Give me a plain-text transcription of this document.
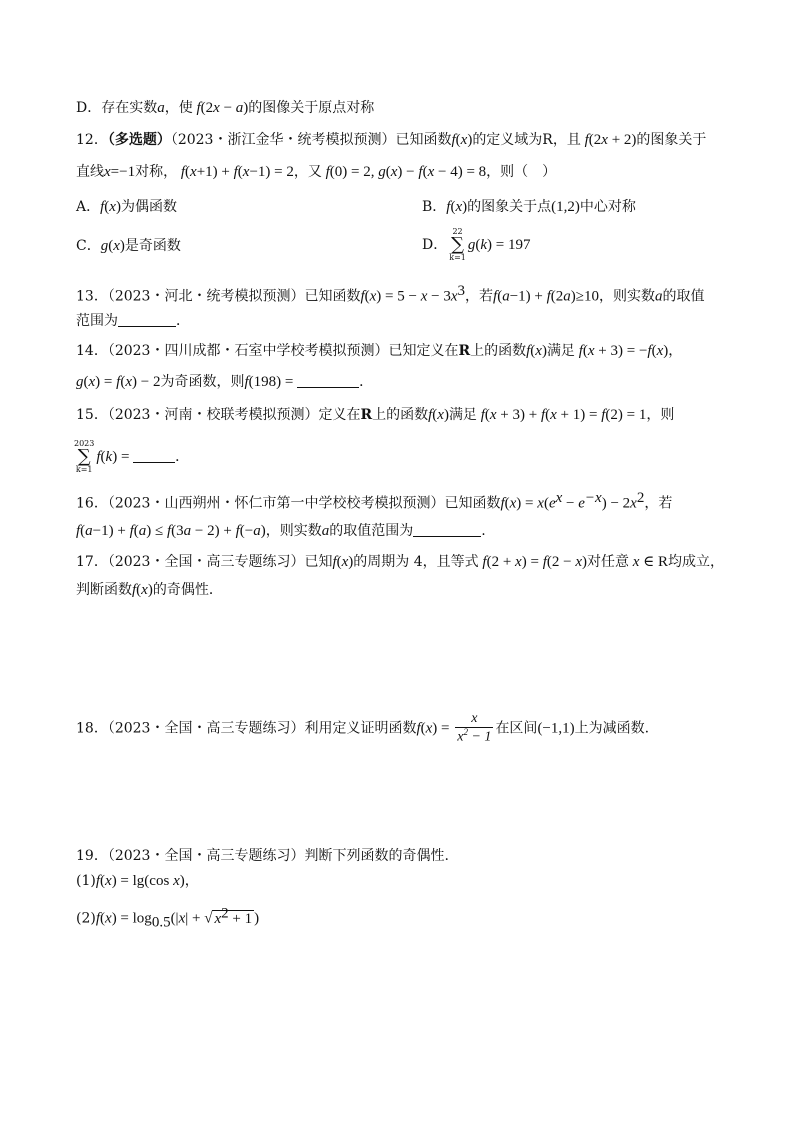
D．存在实数a，使 f(2x − a)的图像关于原点对称
12．（多选题）（2023・浙江金华・统考模拟预测）已知函数f(x)的定义域为R，且 f(2x + 2)的图象关于
直线x=−1对称， f(x+1) + f(x−1) = 2，又 f(0) = 2, g(x) − f(x − 4) = 8，则（　）
A．f(x)为偶函数	B．f(x)的图象关于点(1,2)中心对称
C．g(x)是奇函数	D．
22
∑
k=1
g(k) = 197
13．（2023・河北・统考模拟预测）已知函数$f(x) = 5 - x - 3x^3$，若f(a−1) + f(2a)≥10，则实数a的取值
范围为	．
14．（2023・四川成都・石室中学校考模拟预测）已知定义在R上的函数f(x)满足 f(x + 3) = −f(x)，
g(x) = f(x) − 2为奇函数，则f(198) =	．
15．（2023・河南・校联考模拟预测）定义在R上的函数f(x)满足 f(x + 3) + f(x + 1) = f(2) = 1，则
2023
∑
k=1
f(k) =	．
16．（2023・山西朔州・怀仁市第一中学校校考模拟预测）已知函数$f(x) = x(e^x - e^{-x}) - 2x^2$，若
f(a−1) + f(a) ≤ f(3a − 2) + f(−a)，则实数a的取值范围为	.
17．（2023・全国・高三专题练习）已知f(x)的周期为 4，且等式 f(2 + x) = f(2 − x)对任意 x ∈ R均成立，
判断函数f(x)的奇偶性．
18．（2023・全国・高三专题练习）利用定义证明函数$f(x) = \frac{x}{x^2 - 1}$ 在区间(−1,1)上为减函数.
19．（2023・全国・高三专题练习）判断下列函数的奇偶性.
(1)f(x) = lg(cos x)，
$(2)f(x) = \log_{0.5}(|x|$ + √ $x^2 + 1$ )
